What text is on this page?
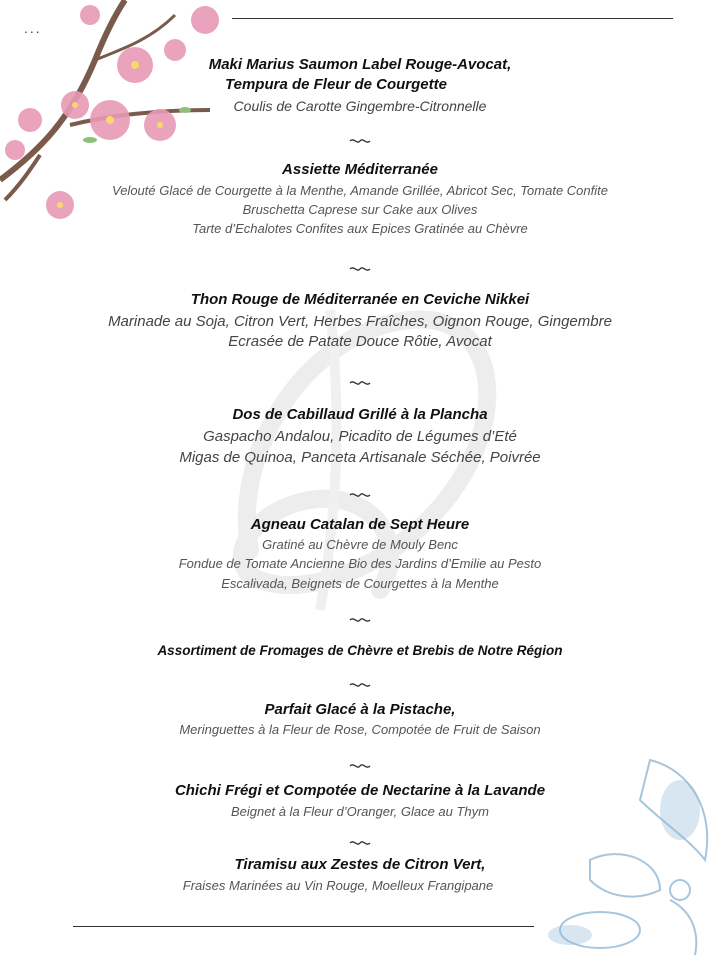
...
Maki Marius Saumon Label Rouge-Avocat,
Tempura de Fleur de Courgette
Coulis de Carotte Gingembre-Citronnelle
Assiette Méditerranée
Velouté Glacé de Courgette à la Menthe, Amande Grillée, Abricot Sec, Tomate Confite
Bruschetta Caprese sur Cake aux Olives
Tarte d’Echalotes Confites aux Epices Gratinée au Chèvre
Thon Rouge de Méditerranée en Ceviche Nikkei
Marinade au Soja, Citron Vert, Herbes Fraîches, Oignon Rouge, Gingembre
Ecrasée de Patate Douce Rôtie, Avocat
Dos de Cabillaud Grillé à la Plancha
Gaspacho Andalou, Picadito de Légumes d’Eté
Migas de Quinoa, Panceta Artisanale Séchée, Poivrée
Agneau Catalan de Sept Heure
Gratiné au Chèvre de Mouly Benc
Fondue de Tomate Ancienne Bio des Jardins d’Emilie au Pesto
Escalivada, Beignets de Courgettes à la Menthe
Assortiment de Fromages de Chèvre et Brebis de Notre Région
Parfait Glacé à la Pistache,
Meringuettes à la Fleur de Rose, Compotée de Fruit de Saison
Chichi Frégi et Compotée de Nectarine à la Lavande
Beignet à la Fleur d’Oranger, Glace au Thym
Tiramisu aux Zestes de Citron Vert,
Fraises Marinées au Vin Rouge, Moelleux Frangipane
